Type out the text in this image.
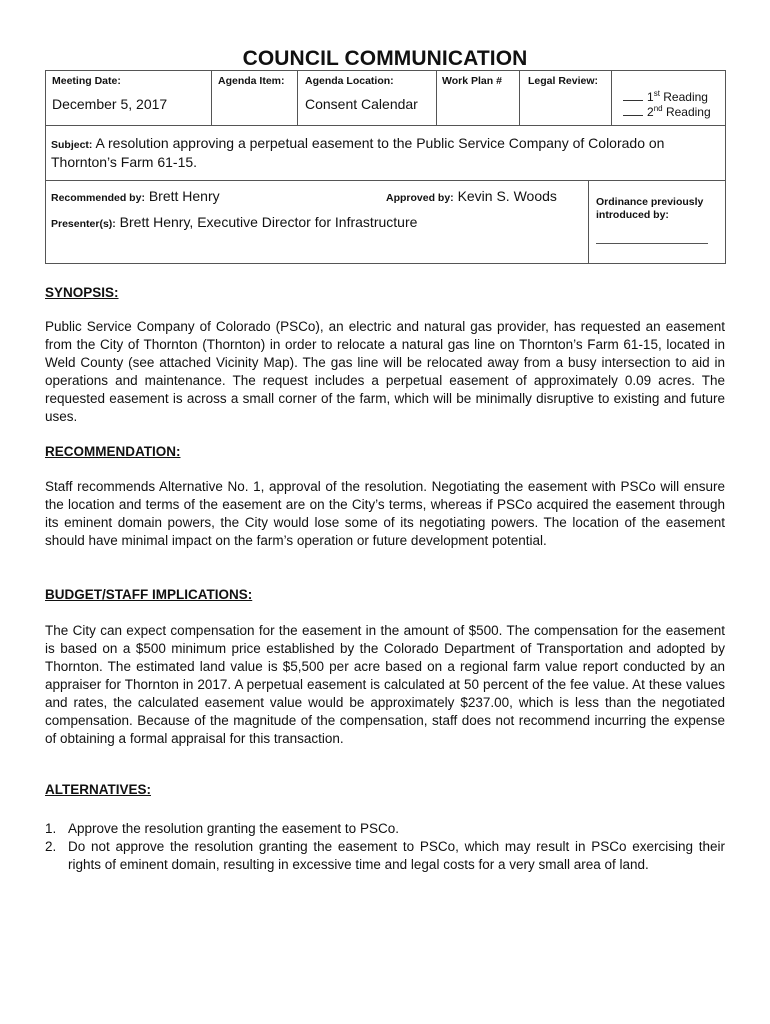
COUNCIL COMMUNICATION
Meeting Date:
December 5, 2017
Agenda Item: Agenda Location:
Consent Calendar
Work Plan # Legal Review:
1st Reading
2nd Reading
Subject: A resolution approving a perpetual easement to the Public Service Company of Colorado on Thornton’s Farm 61-15.
Recommended by: Brett Henry	Approved by: Kevin S. Woods
Presenter(s): Brett Henry, Executive Director for Infrastructure
Ordinance previously introduced by:
SYNOPSIS:
Public Service Company of Colorado (PSCo), an electric and natural gas provider, has requested an easement from the City of Thornton (Thornton) in order to relocate a natural gas line on Thornton’s Farm 61-15, located in Weld County (see attached Vicinity Map). The gas line will be relocated away from a busy intersection to aid in operations and maintenance. The request includes a perpetual easement of approximately 0.09 acres. The requested easement is across a small corner of the farm, which will be minimally disruptive to existing and future uses.
RECOMMENDATION:
Staff recommends Alternative No. 1, approval of the resolution. Negotiating the easement with PSCo will ensure the location and terms of the easement are on the City’s terms, whereas if PSCo acquired the easement through its eminent domain powers, the City would lose some of its negotiating powers. The location of the easement should have minimal impact on the farm’s operation or future development potential.
BUDGET/STAFF IMPLICATIONS:
The City can expect compensation for the easement in the amount of $500. The compensation for the easement is based on a $500 minimum price established by the Colorado Department of Transportation and adopted by Thornton. The estimated land value is $5,500 per acre based on a regional farm value report conducted by an appraiser for Thornton in 2017. A perpetual easement is calculated at 50 percent of the fee value. At these values and rates, the calculated easement value would be approximately $237.00, which is less than the negotiated compensation. Because of the magnitude of the compensation, staff does not recommend incurring the expense of obtaining a formal appraisal for this transaction.
ALTERNATIVES:
1. Approve the resolution granting the easement to PSCo.
2. Do not approve the resolution granting the easement to PSCo, which may result in PSCo exercising their rights of eminent domain, resulting in excessive time and legal costs for a very small area of land.
